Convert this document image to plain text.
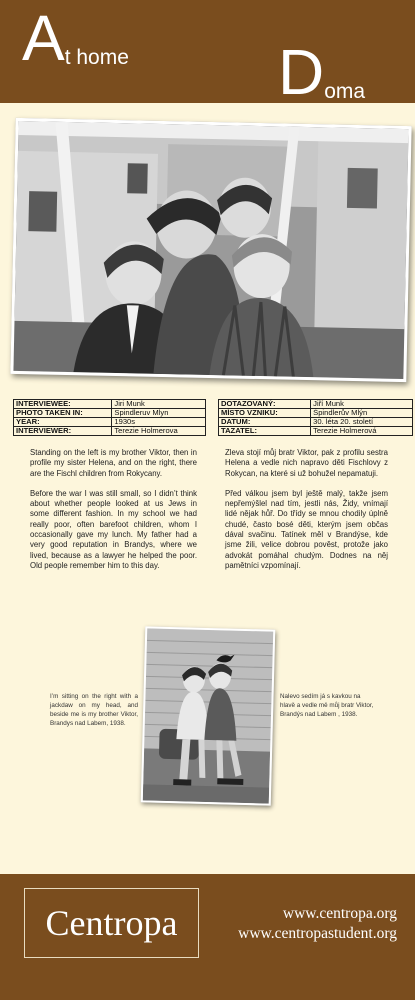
At home Doma
INTERVIEWEE:	Jiri Munk
PHOTO TAKEN IN:	Spindleruv Mlyn
YEAR:	1930s
INTERVIEWER:	Terezie Holmerova
DOTAZOVANÝ:	Jiří Munk
MÍSTO VZNIKU:	Špindlerův Mlýn
DATUM:	30. léta 20. století
TAZATEL:	Terezie Holmerová

Standing on the left is my brother Viktor, then in profile my sister Helena, and on the right, there are the Fischl children from Rokycany.

Before the war I was still small, so I didn’t think about whether people looked at us Jews in some different fashion. In my school we had really poor, often barefoot children, whom I occasionally gave my lunch. My father had a very good reputation in Brandys, where we lived, because as a lawyer he helped the poor. Old people remember him to this day.

Zleva stojí můj bratr Viktor, pak z profilu sestra Helena a vedle nich napravo děti Fischlovy z Rokycan, na které si už bohužel nepamatuji.

Před válkou jsem byl ještě malý, takže jsem nepřemýšlel nad tím, jestli nás, Židy, vnímají lidé nějak hůř. Do třídy se mnou chodily úplně chudé, často bosé děti, kterým jsem občas dával svačinu. Tatínek měl v Brandýse, kde jsme žili, velice dobrou pověst, protože jako advokát pomáhal chudým. Dodnes na něj pamětníci vzpomínají.

I’m sitting on the right with a jackdaw on my head, and beside me is my brother Viktor, Brandys nad Labem, 1938.

Nalevo sedím já s kavkou na hlavě a vedle mě můj bratr Viktor, Brandýs nad Labem , 1938.

Centropa	www.centropa.org
www.centropastudent.org
